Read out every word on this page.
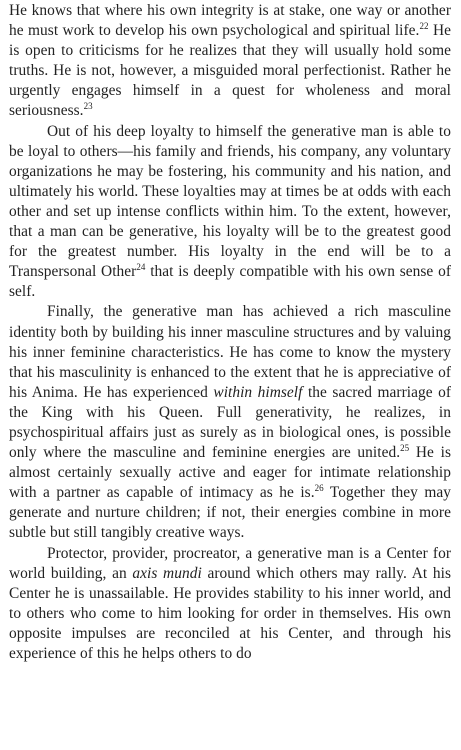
He knows that where his own integrity is at stake, one way or another he must work to develop his own psychological and spiritual life.$^{22}$ He is open to criticisms for he realizes that they will usually hold some truths. He is not, however, a misguided moral perfectionist. Rather he urgently engages himself in a quest for wholeness and moral seriousness.$^{23}$

Out of his deep loyalty to himself the generative man is able to be loyal to others—his family and friends, his company, any voluntary organizations he may be fostering, his community and his nation, and ultimately his world. These loyalties may at times be at odds with each other and set up intense conflicts within him. To the extent, however, that a man can be generative, his loyalty will be to the greatest good for the greatest number. His loyalty in the end will be to a Transpersonal Other$^{24}$ that is deeply compatible with his own sense of self.

Finally, the generative man has achieved a rich masculine identity both by building his inner masculine structures and by valuing his inner feminine characteristics. He has come to know the mystery that his masculinity is enhanced to the extent that he is appreciative of his Anima. He has experienced within himself the sacred marriage of the King with his Queen. Full generativity, he realizes, in psychospiritual affairs just as surely as in biological ones, is possible only where the masculine and feminine energies are united.$^{25}$ He is almost certainly sexually active and eager for intimate relationship with a partner as capable of intimacy as he is.$^{26}$ Together they may generate and nurture children; if not, their energies combine in more subtle but still tangibly creative ways.

Protector, provider, procreator, a generative man is a Center for world building, an axis mundi around which others may rally. At his Center he is unassailable. He provides stability to his inner world, and to others who come to him looking for order in themselves. His own opposite impulses are reconciled at his Center, and through his experience of this he helps others to do
